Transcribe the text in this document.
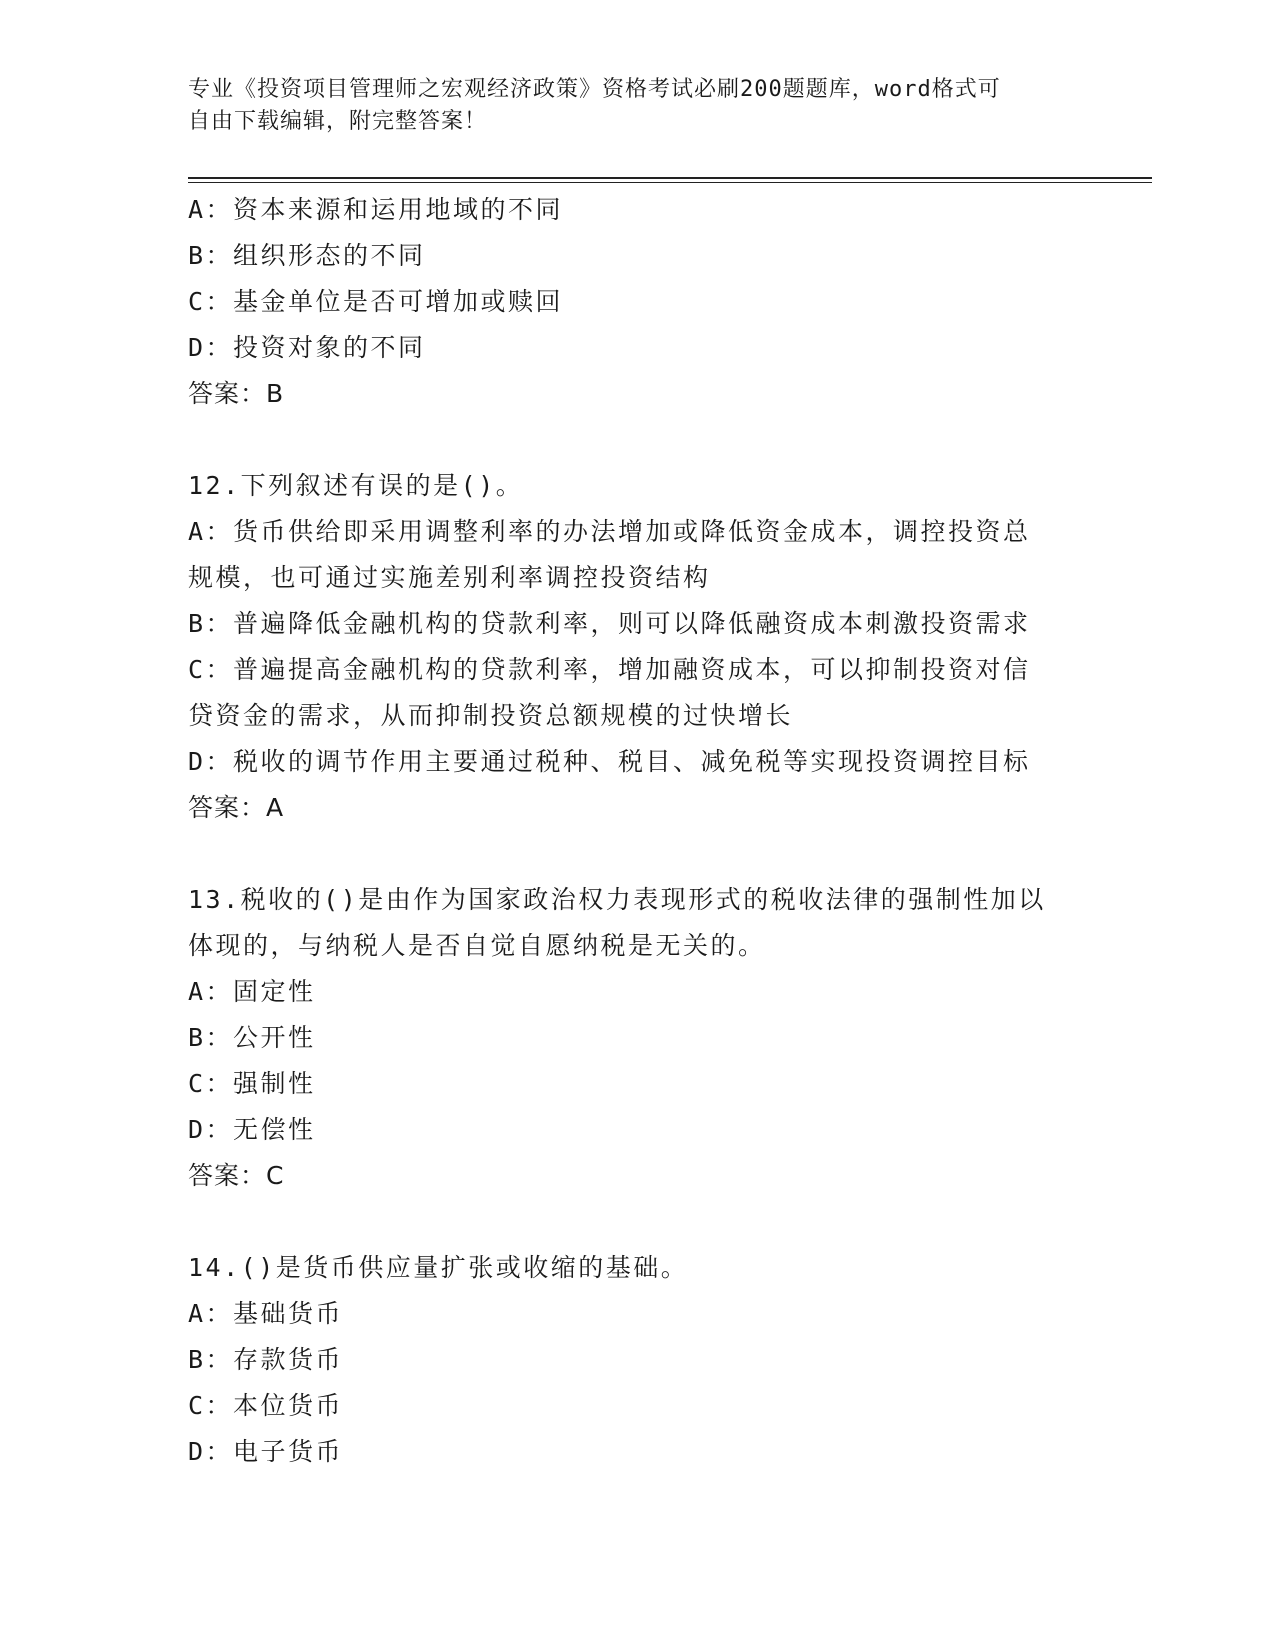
专业《投资项目管理师之宏观经济政策》资格考试必刷200题题库，word格式可
自由下载编辑，附完整答案！

A：资本来源和运用地域的不同

B：组织形态的不同

C：基金单位是否可增加或赎回

D：投资对象的不同

答案：B

12.下列叙述有误的是()。

A：货币供给即采用调整利率的办法增加或降低资金成本，调控投资总

规模，也可通过实施差别利率调控投资结构

B：普遍降低金融机构的贷款利率，则可以降低融资成本刺激投资需求

C：普遍提高金融机构的贷款利率，增加融资成本，可以抑制投资对信

贷资金的需求，从而抑制投资总额规模的过快增长

D：税收的调节作用主要通过税种、税目、减免税等实现投资调控目标

答案：A

13.税收的()是由作为国家政治权力表现形式的税收法律的强制性加以

体现的，与纳税人是否自觉自愿纳税是无关的。

A：固定性

B：公开性

C：强制性

D：无偿性

答案：C

14.()是货币供应量扩张或收缩的基础。

A：基础货币

B：存款货币

C：本位货币

D：电子货币
